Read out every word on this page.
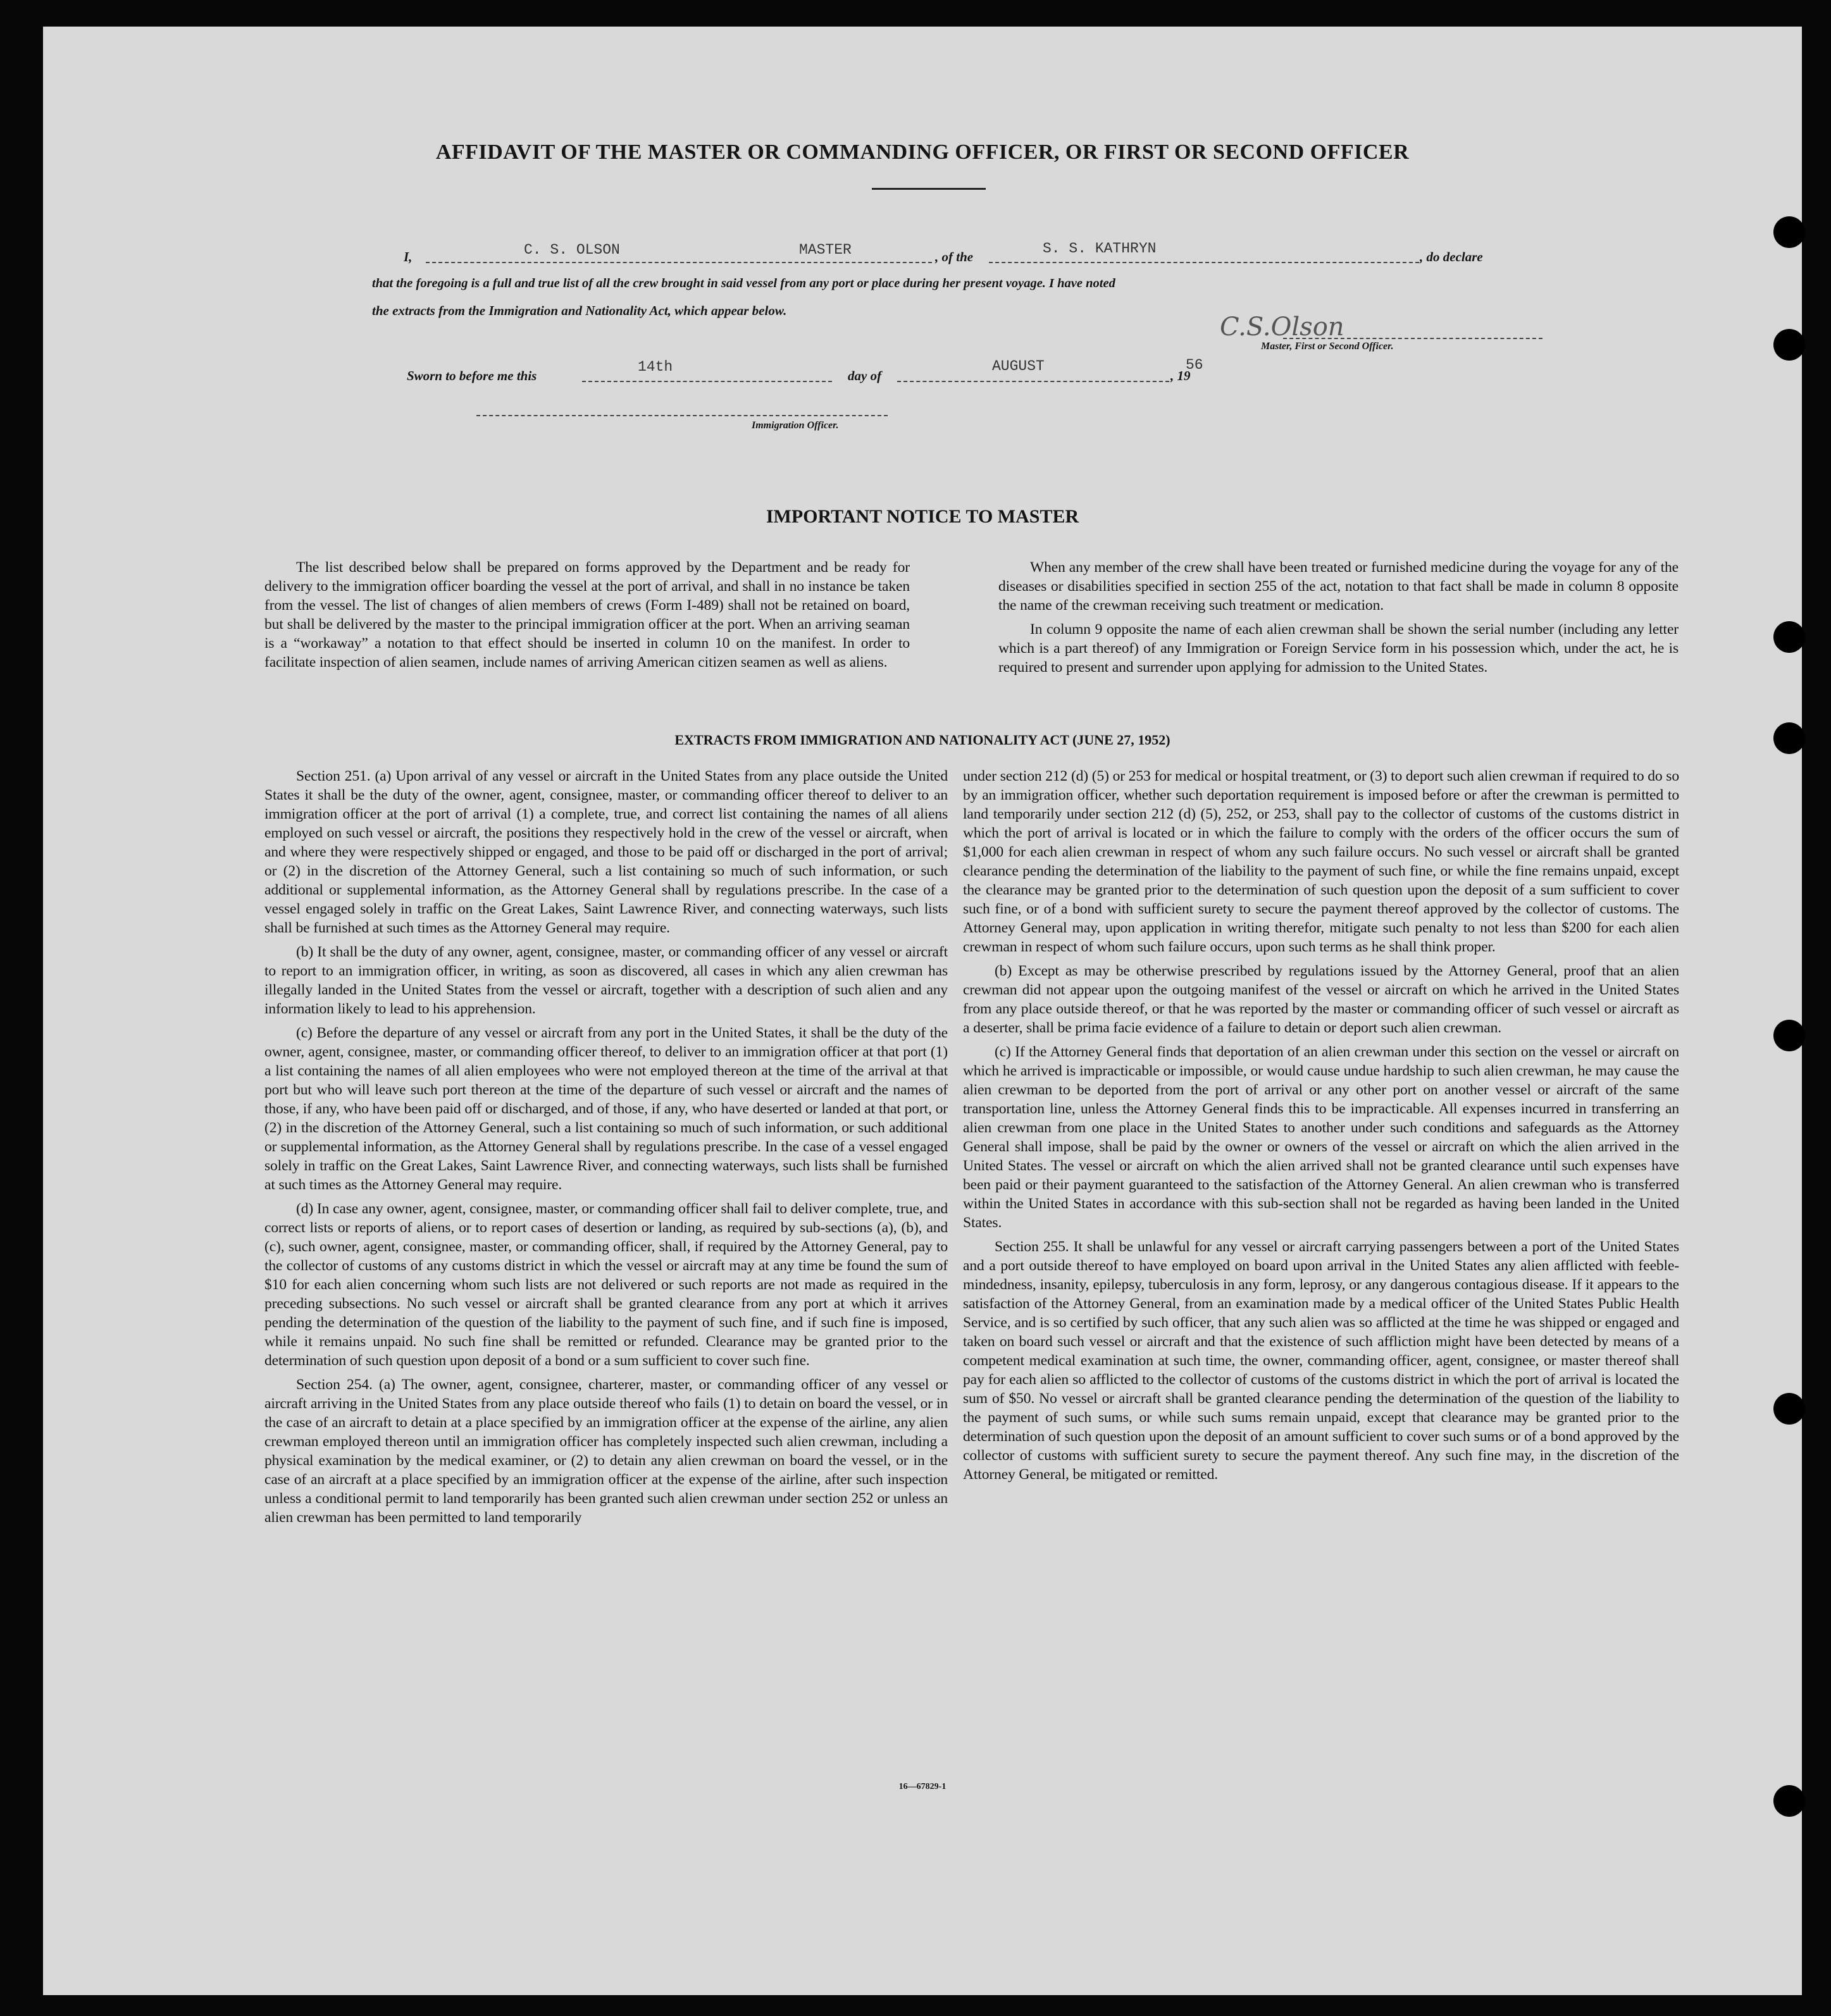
AFFIDAVIT OF THE MASTER OR COMMANDING OFFICER, OR FIRST OR SECOND OFFICER
I,	C. S. OLSON	MASTER	, of the	S. S. KATHRYN	, do declare
that the foregoing is a full and true list of all the crew brought in said vessel from any port or place during her present voyage. I have noted
the extracts from the Immigration and Nationality Act, which appear below.
C.S.Olson
Master, First or Second Officer.
Sworn to before me this
14th
day of
AUGUST
, 19
56
Immigration Officer.
IMPORTANT NOTICE TO MASTER

The list described below shall be prepared on forms approved by the Department and be ready for delivery to the immigration officer boarding the vessel at the port of arrival, and shall in no instance be taken from the vessel. The list of changes of alien members of crews (Form I-489) shall not be retained on board, but shall be delivered by the master to the principal immigration officer at the port. When an arriving seaman is a “workaway” a notation to that effect should be inserted in column 10 on the manifest. In order to facilitate inspection of alien seamen, include names of arriving American citizen seamen as well as aliens.

When any member of the crew shall have been treated or furnished medicine during the voyage for any of the diseases or disabilities specified in section 255 of the act, notation to that fact shall be made in column 8 opposite the name of the crewman receiving such treatment or medication.

In column 9 opposite the name of each alien crewman shall be shown the serial number (including any letter which is a part thereof) of any Immigration or Foreign Service form in his possession which, under the act, he is required to present and surrender upon applying for admission to the United States.

EXTRACTS FROM IMMIGRATION AND NATIONALITY ACT (JUNE 27, 1952)

Section 251. (a) Upon arrival of any vessel or aircraft in the United States from any place outside the United States it shall be the duty of the owner, agent, consignee, master, or commanding officer thereof to deliver to an immigration officer at the port of arrival (1) a complete, true, and correct list containing the names of all aliens employed on such vessel or aircraft, the positions they respectively hold in the crew of the vessel or aircraft, when and where they were respectively shipped or engaged, and those to be paid off or discharged in the port of arrival; or (2) in the discretion of the Attorney General, such a list containing so much of such information, or such additional or supplemental information, as the Attorney General shall by regulations prescribe. In the case of a vessel engaged solely in traffic on the Great Lakes, Saint Lawrence River, and connecting waterways, such lists shall be furnished at such times as the Attorney General may require.

(b) It shall be the duty of any owner, agent, consignee, master, or commanding officer of any vessel or aircraft to report to an immigration officer, in writing, as soon as discovered, all cases in which any alien crewman has illegally landed in the United States from the vessel or aircraft, together with a description of such alien and any information likely to lead to his apprehension.

(c) Before the departure of any vessel or aircraft from any port in the United States, it shall be the duty of the owner, agent, consignee, master, or commanding officer thereof, to deliver to an immigration officer at that port (1) a list containing the names of all alien employees who were not employed thereon at the time of the arrival at that port but who will leave such port thereon at the time of the departure of such vessel or aircraft and the names of those, if any, who have been paid off or discharged, and of those, if any, who have deserted or landed at that port, or (2) in the discretion of the Attorney General, such a list containing so much of such information, or such additional or supplemental information, as the Attorney General shall by regulations prescribe. In the case of a vessel engaged solely in traffic on the Great Lakes, Saint Lawrence River, and connecting waterways, such lists shall be furnished at such times as the Attorney General may require.

(d) In case any owner, agent, consignee, master, or commanding officer shall fail to deliver complete, true, and correct lists or reports of aliens, or to report cases of desertion or landing, as required by sub-sections (a), (b), and (c), such owner, agent, consignee, master, or commanding officer, shall, if required by the Attorney General, pay to the collector of customs of any customs district in which the vessel or aircraft may at any time be found the sum of $10 for each alien concerning whom such lists are not delivered or such reports are not made as required in the preceding subsections. No such vessel or aircraft shall be granted clearance from any port at which it arrives pending the determination of the question of the liability to the payment of such fine, and if such fine is imposed, while it remains unpaid. No such fine shall be remitted or refunded. Clearance may be granted prior to the determination of such question upon deposit of a bond or a sum sufficient to cover such fine.

Section 254. (a) The owner, agent, consignee, charterer, master, or commanding officer of any vessel or aircraft arriving in the United States from any place outside thereof who fails (1) to detain on board the vessel, or in the case of an aircraft to detain at a place specified by an immigration officer at the expense of the airline, any alien crewman employed thereon until an immigration officer has completely inspected such alien crewman, including a physical examination by the medical examiner, or (2) to detain any alien crewman on board the vessel, or in the case of an aircraft at a place specified by an immigration officer at the expense of the airline, after such inspection unless a conditional permit to land temporarily has been granted such alien crewman under section 252 or unless an alien crewman has been permitted to land temporarily

under section 212 (d) (5) or 253 for medical or hospital treatment, or (3) to deport such alien crewman if required to do so by an immigration officer, whether such deportation requirement is imposed before or after the crewman is permitted to land temporarily under section 212 (d) (5), 252, or 253, shall pay to the collector of customs of the customs district in which the port of arrival is located or in which the failure to comply with the orders of the officer occurs the sum of $1,000 for each alien crewman in respect of whom any such failure occurs. No such vessel or aircraft shall be granted clearance pending the determination of the liability to the payment of such fine, or while the fine remains unpaid, except the clearance may be granted prior to the determination of such question upon the deposit of a sum sufficient to cover such fine, or of a bond with sufficient surety to secure the payment thereof approved by the collector of customs. The Attorney General may, upon application in writing therefor, mitigate such penalty to not less than $200 for each alien crewman in respect of whom such failure occurs, upon such terms as he shall think proper.

(b) Except as may be otherwise prescribed by regulations issued by the Attorney General, proof that an alien crewman did not appear upon the outgoing manifest of the vessel or aircraft on which he arrived in the United States from any place outside thereof, or that he was reported by the master or commanding officer of such vessel or aircraft as a deserter, shall be prima facie evidence of a failure to detain or deport such alien crewman.

(c) If the Attorney General finds that deportation of an alien crewman under this section on the vessel or aircraft on which he arrived is impracticable or impossible, or would cause undue hardship to such alien crewman, he may cause the alien crewman to be deported from the port of arrival or any other port on another vessel or aircraft of the same transportation line, unless the Attorney General finds this to be impracticable. All expenses incurred in transferring an alien crewman from one place in the United States to another under such conditions and safeguards as the Attorney General shall impose, shall be paid by the owner or owners of the vessel or aircraft on which the alien arrived in the United States. The vessel or aircraft on which the alien arrived shall not be granted clearance until such expenses have been paid or their payment guaranteed to the satisfaction of the Attorney General. An alien crewman who is transferred within the United States in accordance with this sub-section shall not be regarded as having been landed in the United States.

Section 255. It shall be unlawful for any vessel or aircraft carrying passengers between a port of the United States and a port outside thereof to have employed on board upon arrival in the United States any alien afflicted with feeble-mindedness, insanity, epilepsy, tuberculosis in any form, leprosy, or any dangerous contagious disease. If it appears to the satisfaction of the Attorney General, from an examination made by a medical officer of the United States Public Health Service, and is so certified by such officer, that any such alien was so afflicted at the time he was shipped or engaged and taken on board such vessel or aircraft and that the existence of such affliction might have been detected by means of a competent medical examination at such time, the owner, commanding officer, agent, consignee, or master thereof shall pay for each alien so afflicted to the collector of customs of the customs district in which the port of arrival is located the sum of $50. No vessel or aircraft shall be granted clearance pending the determination of the question of the liability to the payment of such sums, or while such sums remain unpaid, except that clearance may be granted prior to the determination of such question upon the deposit of an amount sufficient to cover such sums or of a bond approved by the collector of customs with sufficient surety to secure the payment thereof. Any such fine may, in the discretion of the Attorney General, be mitigated or remitted.

16—67829-1
